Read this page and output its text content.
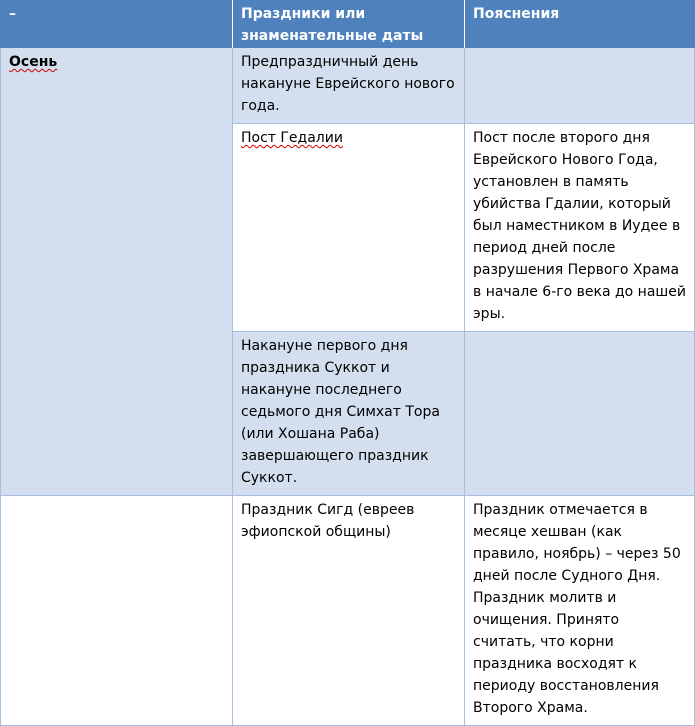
–	Праздники или знаменательные даты	Пояснения
Осень	Предпраздничный день накануне Еврейского нового года.	
	Пост Гедалии	Пост после второго дня Еврейского Нового Года, установлен в память убийства Гдалии, который был наместником в Иудее в период дней после разрушения Первого Храма в начале 6-го века до нашей эры.
	Накануне первого дня праздника Суккот и накануне последнего седьмого дня Симхат Тора (или Хошана Раба) завершающего праздник Суккот.	
	Праздник Сигд (евреев эфиопской общины)	Праздник отмечается в месяце хешван (как правило, ноябрь) – через 50 дней после Судного Дня. Праздник молитв и очищения. Принято считать, что корни праздника восходят к периоду восстановления Второго Храма.
